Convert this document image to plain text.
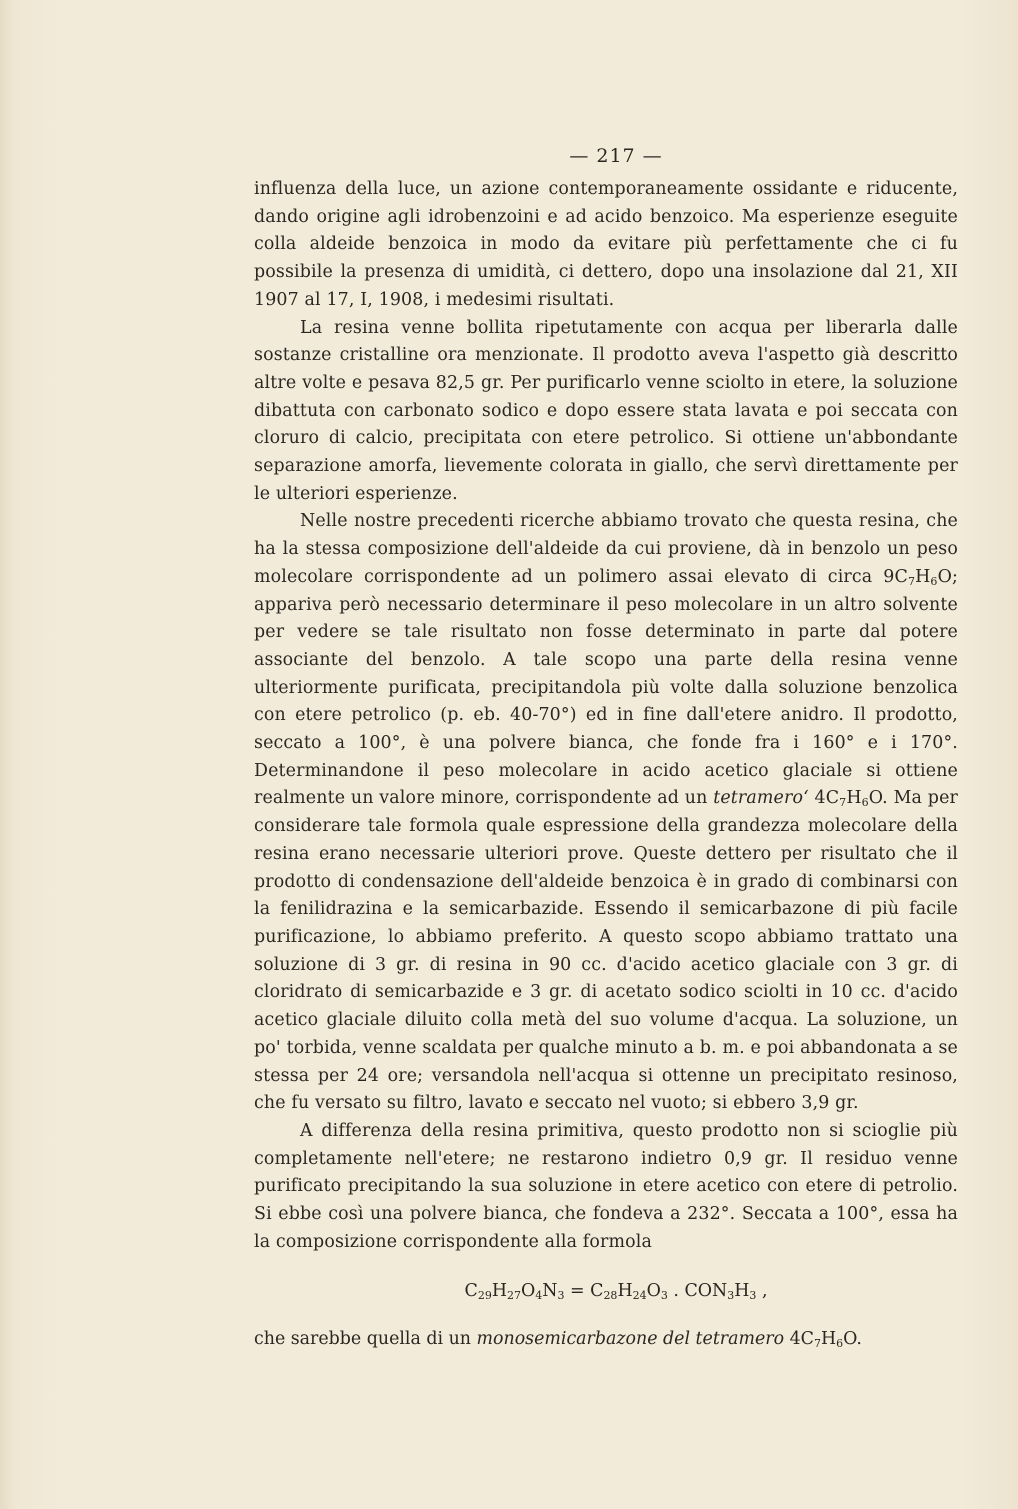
— 217 —

influenza della luce, un azione contemporaneamente ossidante e riducente, dando origine agli idrobenzoini e ad acido benzoico. Ma esperienze eseguite colla aldeide benzoica in modo da evitare più perfettamente che ci fu possibile la presenza di umidità, ci dettero, dopo una insolazione dal 21, XII 1907 al 17, I, 1908, i medesimi risultati.

La resina venne bollita ripetutamente con acqua per liberarla dalle sostanze cristalline ora menzionate. Il prodotto aveva l'aspetto già descritto altre volte e pesava 82,5 gr. Per purificarlo venne sciolto in etere, la soluzione dibattuta con carbonato sodico e dopo essere stata lavata e poi seccata con cloruro di calcio, precipitata con etere petrolico. Si ottiene un'abbondante separazione amorfa, lievemente colorata in giallo, che servì direttamente per le ulteriori esperienze.

Nelle nostre precedenti ricerche abbiamo trovato che questa resina, che ha la stessa composizione dell'aldeide da cui proviene, dà in benzolo un peso molecolare corrispondente ad un polimero assai elevato di circa $9C_7H_6O$; appariva però necessario determinare il peso molecolare in un altro solvente per vedere se tale risultato non fosse determinato in parte dal potere associante del benzolo. A tale scopo una parte della resina venne ulteriormente purificata, precipitandola più volte dalla soluzione benzolica con etere petrolico (p. eb. 40-70°) ed in fine dall'etere anidro. Il prodotto, seccato a 100°, è una polvere bianca, che fonde fra i 160° e i 170°. Determinandone il peso molecolare in acido acetico glaciale si ottiene realmente un valore minore, corrispondente ad un tetramero‘ $4C_7H_6O$. Ma per considerare tale formola quale espressione della grandezza molecolare della resina erano necessarie ulteriori prove. Queste dettero per risultato che il prodotto di condensazione dell'aldeide benzoica è in grado di combinarsi con la fenilidrazina e la semicarbazide. Essendo il semicarbazone di più facile purificazione, lo abbiamo preferito. A questo scopo abbiamo trattato una soluzione di 3 gr. di resina in 90 cc. d'acido acetico glaciale con 3 gr. di cloridrato di semicarbazide e 3 gr. di acetato sodico sciolti in 10 cc. d'acido acetico glaciale diluito colla metà del suo volume d'acqua. La soluzione, un po' torbida, venne scaldata per qualche minuto a b. m. e poi abbandonata a se stessa per 24 ore; versandola nell'acqua si ottenne un precipitato resinoso, che fu versato su filtro, lavato e seccato nel vuoto; si ebbero 3,9 gr.

A differenza della resina primitiva, questo prodotto non si scioglie più completamente nell'etere; ne restarono indietro 0,9 gr. Il residuo venne purificato precipitando la sua soluzione in etere acetico con etere di petrolio. Si ebbe così una polvere bianca, che fondeva a 232°. Seccata a 100°, essa ha la composizione corrispondente alla formola

$C_{29}H_{27}O_4N_3 = C_{28}H_{24}O_3$ . $CON_3H_3$ ,

che sarebbe quella di un monosemicarbazone del tetramero $4C_7H_6O$.
